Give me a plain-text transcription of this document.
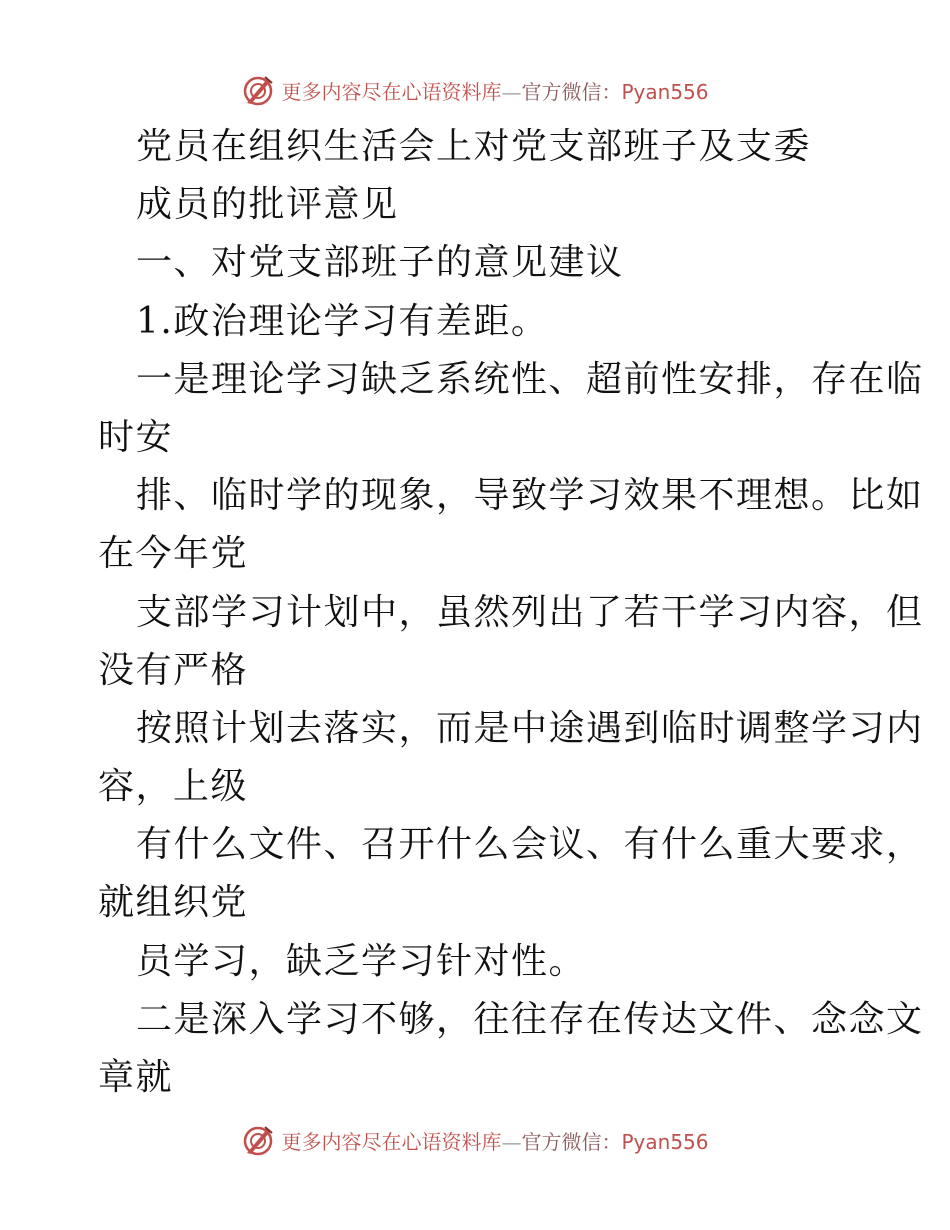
更多内容尽在心语资料库—官方微信：Pyan556
党员在组织生活会上对党支部班子及支委
成员的批评意见
一、对党支部班子的意见建议
1.政治理论学习有差距。
一是理论学习缺乏系统性、超前性安排，存在临
时安
排、临时学的现象，导致学习效果不理想。比如
在今年党
支部学习计划中，虽然列出了若干学习内容，但
没有严格
按照计划去落实，而是中途遇到临时调整学习内
容，上级
有什么文件、召开什么会议、有什么重大要求，
就组织党
员学习，缺乏学习针对性。
二是深入学习不够，往往存在传达文件、念念文
章就
更多内容尽在心语资料库—官方微信：Pyan556
